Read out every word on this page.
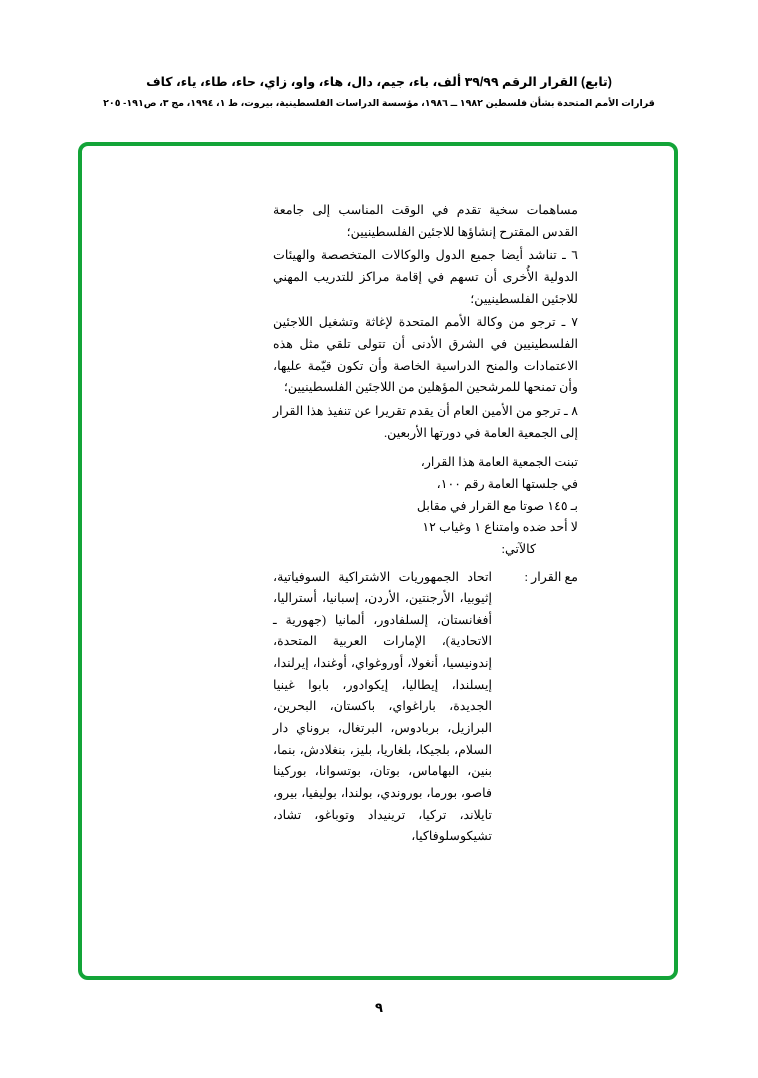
(تابع) القرار الرقم ٣٩/٩٩ ألف، باء، جيم، دال، هاء، واو، زاي، حاء، طاء، ياء، كاف
قرارات الأمم المتحدة بشأن فلسطين ١٩٨٢ ــ ١٩٨٦، مؤسسة الدراسات الفلسطينية، بيروت، ط ١، ١٩٩٤، مج ٣، ص١٩١- ٢٠٥

مساهمات سخية تقدم في الوقت المناسب إلى جامعة القدس المقترح إنشاؤها للاجئين الفلسطينيين؛

٦ ـ تناشد أيضا جميع الدول والوكالات المتخصصة والهيئات الدولية الأُخرى أن تسهم في إقامة مراكز للتدريب المهني للاجئين الفلسطينيين؛

٧ ـ ترجو من وكالة الأمم المتحدة لإغاثة وتشغيل اللاجئين الفلسطينيين في الشرق الأدنى أن تتولى تلقي مثل هذه الاعتمادات والمنح الدراسية الخاصة وأن تكون قيّمة عليها، وأن تمنحها للمرشحين المؤهلين من اللاجئين الفلسطينيين؛

٨ ـ ترجو من الأمين العام أن يقدم تقريرا عن تنفيذ هذا القرار إلى الجمعية العامة في دورتها الأربعين.

تبنت الجمعية العامة هذا القرار،

في جلستها العامة رقم ١٠٠،

بـ ١٤٥ صوتا مع القرار في مقابل

لا أحد ضده وامتناع ١ وغياب ١٢

كالآتي:

مع القرار :
اتحاد الجمهوريات الاشتراكية السوفياتية، إثيوبيا، الأرجنتين، الأردن، إسبانيا، أستراليا، أفغانستان، إلسلفادور، ألمانيا (جهورية ـ الاتحادية)، الإمارات العربية المتحدة، إندونيسيا، أنغولا، أوروغواي، أوغندا، إيرلندا، إيسلندا، إيطاليا، إيكوادور، بابوا غينيا الجديدة، باراغواي، باكستان، البحرين، البرازيل، بربادوس، البرتغال، بروناي دار السلام، بلجيكا، بلغاريا، بليز، بنغلادش، بنما، بنين، البهاماس، بوتان، بوتسوانا، بوركينا فاصو، بورما، بوروندي، بولندا، بوليفيا، بيرو، تايلاند، تركيا، ترينيداد وتوباغو، تشاد، تشيكوسلوفاكيا،
٩
